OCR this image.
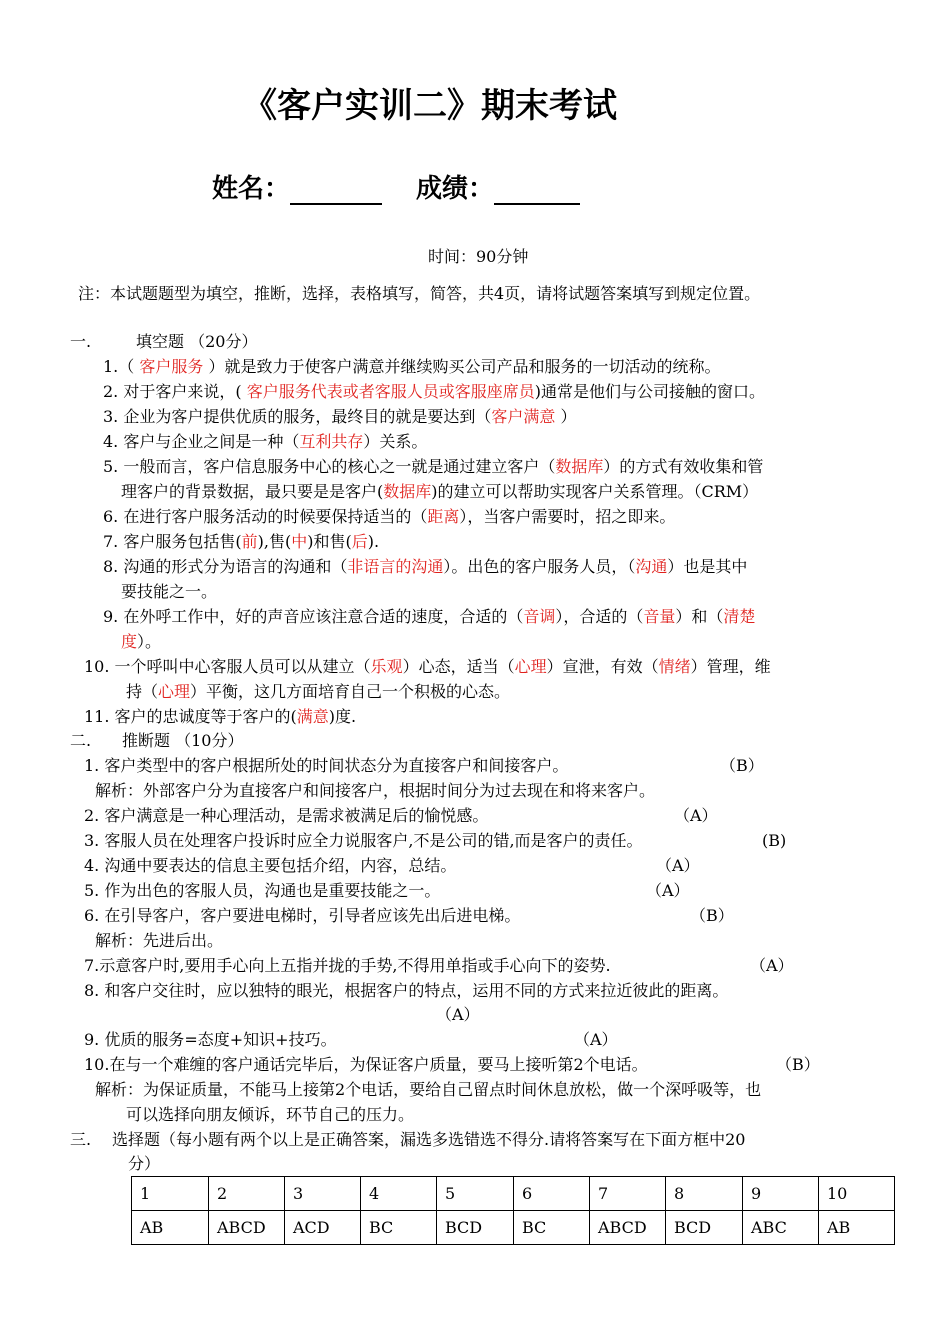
《客户实训二》期末考试
姓名：	成绩：
时间：90分钟
注：本试题题型为填空，推断，选择，表格填写，简答，共4页，请将试题答案填写到规定位置。
一.	填空题 （20分）
1.（ 客户服务 ）就是致力于使客户满意并继续购买公司产品和服务的一切活动的统称。
2. 对于客户来说，( 客户服务代表或者客服人员或客服座席员)通常是他们与公司接触的窗口。
3. 企业为客户提供优质的服务，最终目的就是要达到（客户满意 ）
4. 客户与企业之间是一种（互利共存）关系。
5. 一般而言，客户信息服务中心的核心之一就是通过建立客户（数据库）的方式有效收集和管
理客户的背景数据，最只要是是客户(数据库)的建立可以帮助实现客户关系管理。（CRM）
6. 在进行客户服务活动的时候要保持适当的（距离），当客户需要时，招之即来。
7. 客户服务包括售(前),售(中)和售(后).
8. 沟通的形式分为语言的沟通和（非语言的沟通）。出色的客户服务人员，（沟通）也是其中
要技能之一。
9. 在外呼工作中，好的声音应该注意合适的速度，合适的（音调），合适的（音量）和（清楚
度）。
10. 一个呼叫中心客服人员可以从建立（乐观）心态，适当（心理）宣泄，有效（情绪）管理，维
持（心理）平衡，这几方面培育自己一个积极的心态。
11. 客户的忠诚度等于客户的(满意)度.
二. 推断题 （10分）
1. 客户类型中的客户根据所处的时间状态分为直接客户和间接客户。	（B）
解析：外部客户分为直接客户和间接客户，根据时间分为过去现在和将来客户。
2. 客户满意是一种心理活动，是需求被满足后的愉悦感。	（A）
3. 客服人员在处理客户投诉时应全力说服客户,不是公司的错,而是客户的责任。	(B)
4. 沟通中要表达的信息主要包括介绍，内容，总结。	（A）
5. 作为出色的客服人员，沟通也是重要技能之一。	（A）
6. 在引导客户，客户要进电梯时，引导者应该先出后进电梯。	（B）
解析：先进后出。
7.示意客户时,要用手心向上五指并拢的手势,不得用单指或手心向下的姿势.	（A）
8. 和客户交往时，应以独特的眼光，根据客户的特点，运用不同的方式来拉近彼此的距离。
（A）
9. 优质的服务=态度+知识+技巧。	（A）
10.在与一个难缠的客户通话完毕后，为保证客户质量，要马上接听第2个电话。	（B）
解析：为保证质量，不能马上接第2个电话，要给自己留点时间休息放松，做一个深呼吸等，也
可以选择向朋友倾诉，环节自己的压力。
三. 选择题（每小题有两个以上是正确答案，漏选多选错选不得分.请将答案写在下面方框中20
分）
1	2	3	4	5	6	7	8	9	10
AB	ABCD	ACD	BC	BCD	BC	ABCD	BCD	ABC	AB
